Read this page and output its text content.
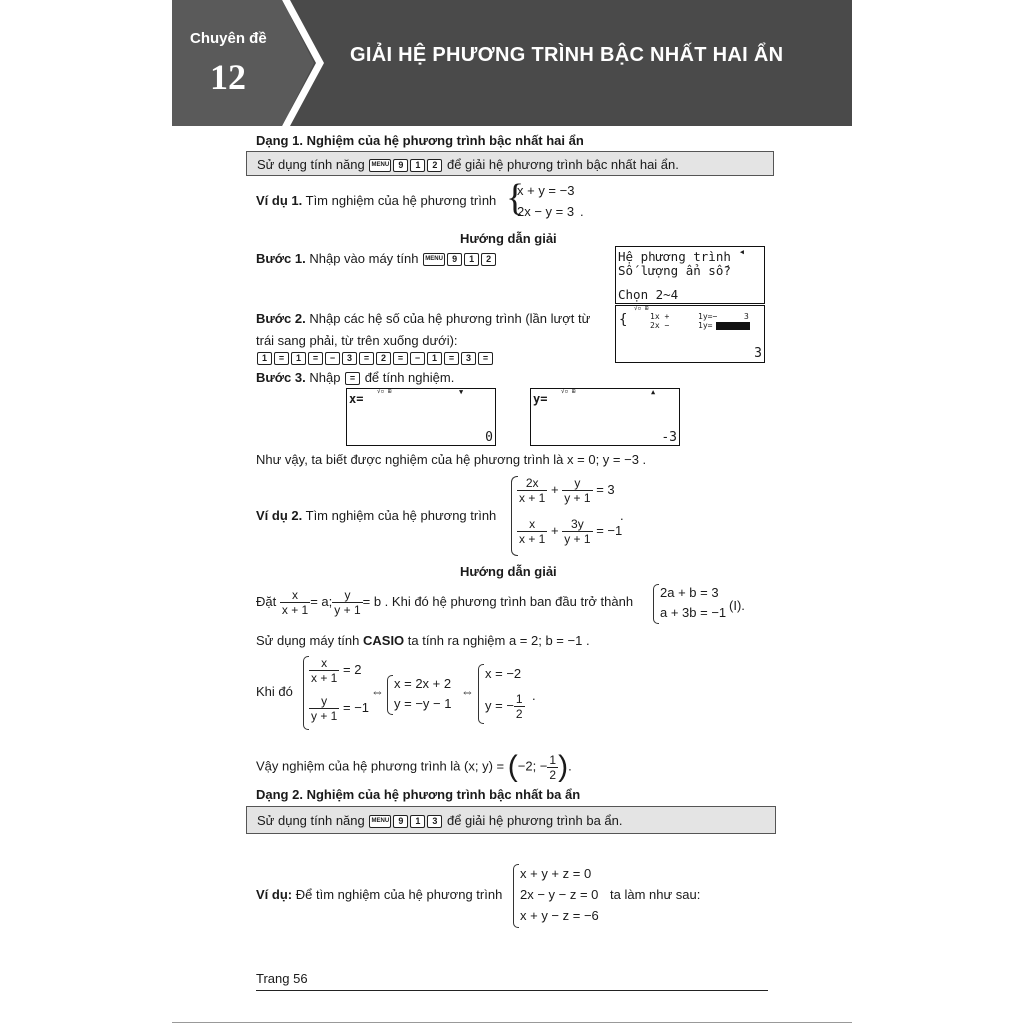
Chuyên đề
12
GIẢI HỆ PHƯƠNG TRÌNH BẬC NHẤT HAI ẨN
Dạng 1. Nghiệm của hệ phương trình bậc nhất hai ẩn
Sử dụng tính năng MENU 9 1 2 để giải hệ phương trình bậc nhất hai ẩn.
Ví dụ 1. Tìm nghiệm của hệ phương trình {
x + y = −3
2x − y = 3 .
Hướng dẫn giải
Bước 1. Nhập vào máy tính MENU 9 1 2	Hệ phương trình
Số lượng ẩn số?
Chọn 2~4
◀
√▫ ⊞
{	1x +	1y=−	3
2x −	1y=
3
Bước 2. Nhập các hệ số của hệ phương trình (lần lượt từ
trái sang phải, từ trên xuống dưới):
1 = 1 = − 3 = 2 = − 1 = 3 =
Bước 3. Nhập = để tính nghiệm.
x=
√▫ ⊞	▼
0
y=
√▫ ⊞	▲
-3
Như vậy, ta biết được nghiệm của hệ phương trình là x = 0; y = −3 .
Ví dụ 2. Tìm nghiệm của hệ phương trình
$\frac{2x}{x + 1} + \frac{y}{y + 1} = 3$
$\frac{x}{x + 1} + \frac{3y}{y + 1} = -1$
.
Hướng dẫn giải
Đặt $\frac{x}{x + 1} = a$; $\frac{y}{y + 1} = b$ . Khi đó hệ phương trình ban đầu trở thành
2a + b = 3
a + 3b = −1 (I).
Sử dụng máy tính CASIO ta tính ra nghiệm a = 2; b = −1 .
Khi đó
$\frac{x}{x + 1} = 2$
$\frac{y}{y + 1} = -1$
⇔
x = 2x + 2
y = −y − 1
⇔
x = −2
y = − $\frac{1}{2}$ .
Vậy nghiệm của hệ phương trình là (x; y) = (−2; − $\frac{1}{2}$ ).
Dạng 2. Nghiệm của hệ phương trình bậc nhất ba ẩn
Sử dụng tính năng MENU 9 1 3 để giải hệ phương trình ba ẩn.
Ví dụ: Để tìm nghiệm của hệ phương trình
x + y + z = 0
2x − y − z = 0
x + y − z = −6
ta làm như sau:
Trang 56
